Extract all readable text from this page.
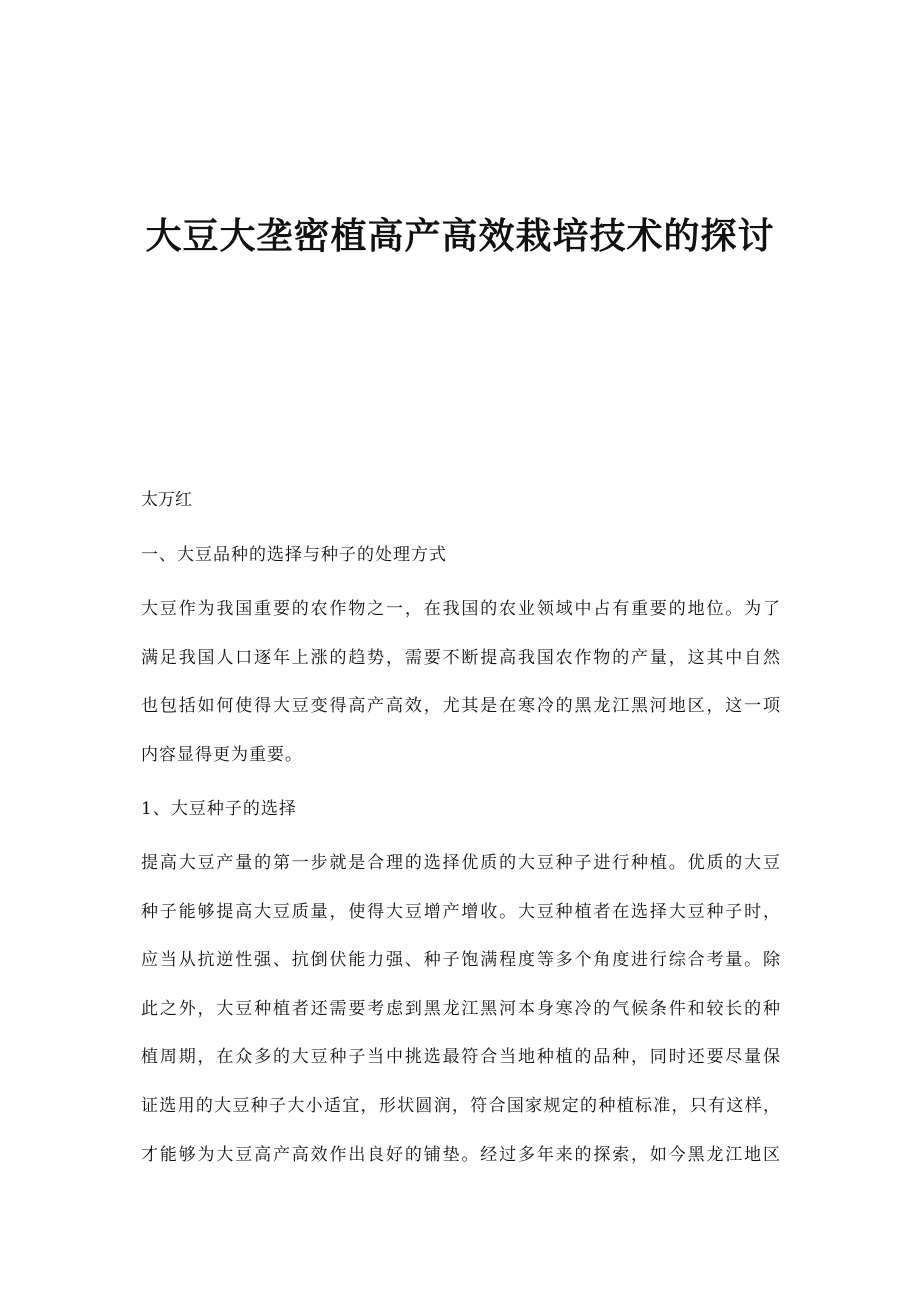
大豆大垄密植高产高效栽培技术的探讨

太万红

一、大豆品种的选择与种子的处理方式

大豆作为我国重要的农作物之一，在我国的农业领域中占有重要的地位。为了
满足我国人口逐年上涨的趋势，需要不断提高我国农作物的产量，这其中自然
也包括如何使得大豆变得高产高效，尤其是在寒冷的黑龙江黑河地区，这一项
内容显得更为重要。

1、大豆种子的选择

提高大豆产量的第一步就是合理的选择优质的大豆种子进行种植。优质的大豆
种子能够提高大豆质量，使得大豆增产增收。大豆种植者在选择大豆种子时，
应当从抗逆性强、抗倒伏能力强、种子饱满程度等多个角度进行综合考量。除
此之外，大豆种植者还需要考虑到黑龙江黑河本身寒冷的气候条件和较长的种
植周期，在众多的大豆种子当中挑选最符合当地种植的品种，同时还要尽量保
证选用的大豆种子大小适宜，形状圆润，符合国家规定的种植标准，只有这样，
才能够为大豆高产高效作出良好的铺垫。经过多年来的探索，如今黑龙江地区
